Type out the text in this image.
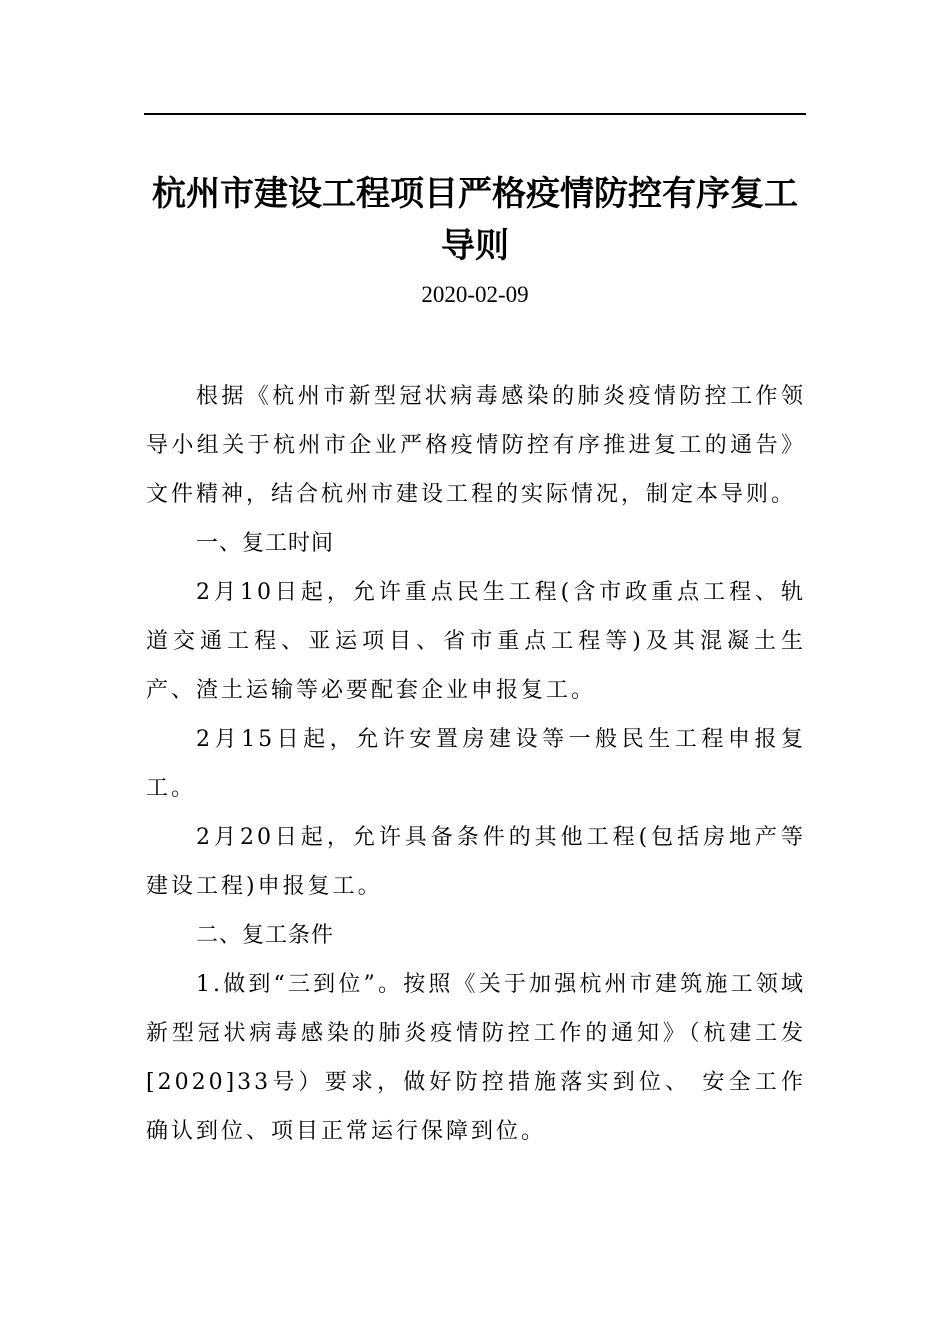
杭州市建设工程项目严格疫情防控有序复工导则
2020-02-09

根据《杭州市新型冠状病毒感染的肺炎疫情防控工作领导小组关于杭州市企业严格疫情防控有序推进复工的通告》文件精神，结合杭州市建设工程的实际情况，制定本导则。

一、复工时间

2月10日起，允许重点民生工程(含市政重点工程、轨道交通工程、亚运项目、省市重点工程等)及其混凝土生产、渣土运输等必要配套企业申报复工。

2月15日起，允许安置房建设等一般民生工程申报复工。

2月20日起，允许具备条件的其他工程(包括房地产等建设工程)申报复工。

二、复工条件

1.做到“三到位”。按照《关于加强杭州市建筑施工领域新型冠状病毒感染的肺炎疫情防控工作的通知》（杭建工发[2020]33号）要求，做好防控措施落实到位、 安全工作确认到位、项目正常运行保障到位。
